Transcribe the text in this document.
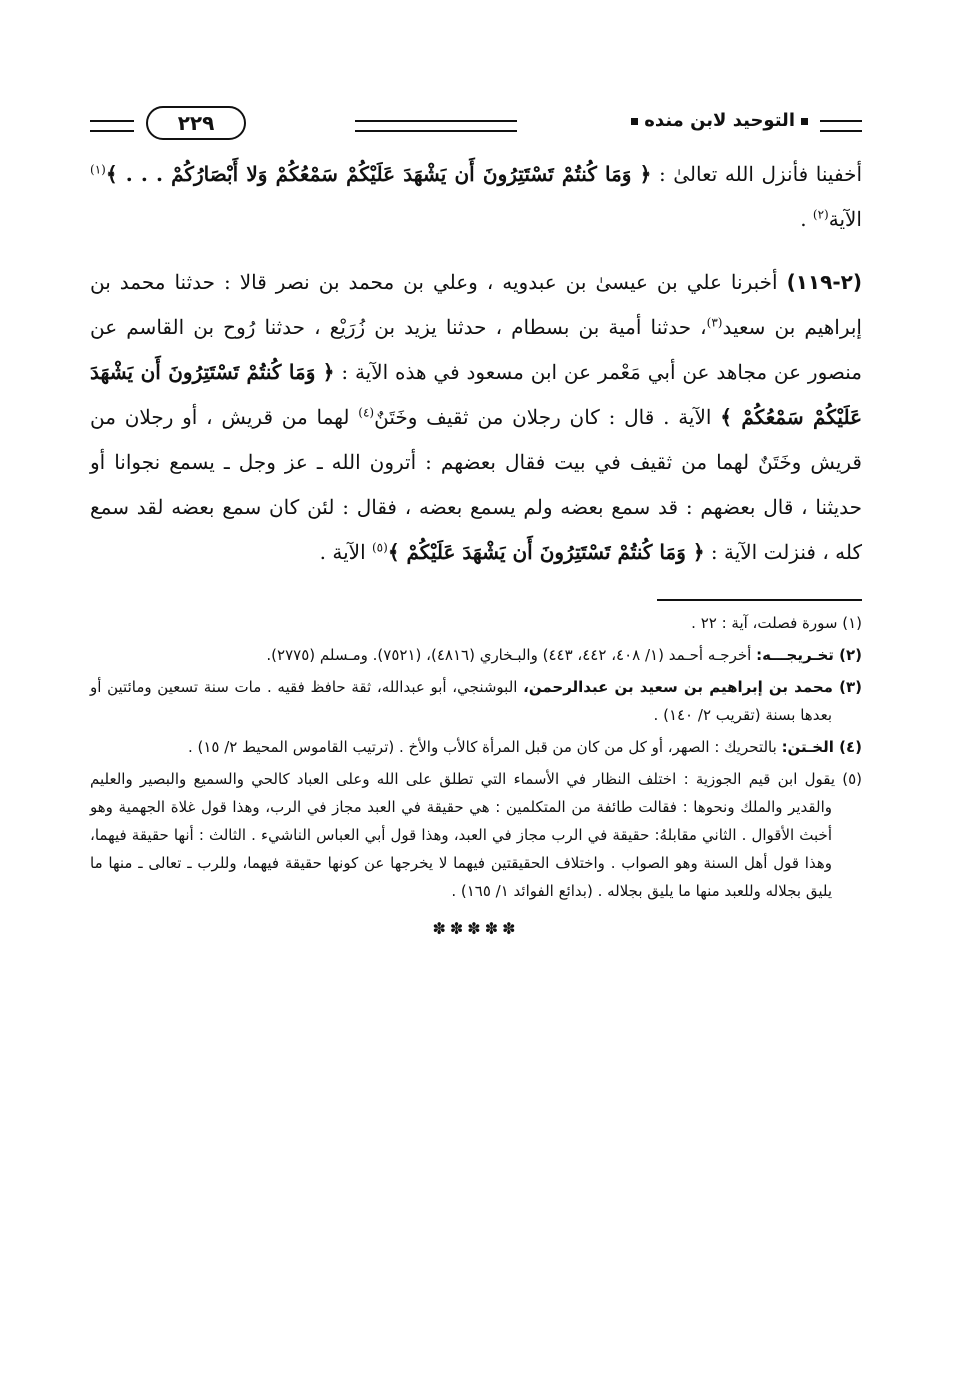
التوحيد لابن منده
٢٢٩

أخفينا فأنزل الله تعالىٰ : ﴿ وَمَا كُنتُمْ تَسْتَتِرُونَ أَن يَشْهَدَ عَلَيْكُمْ سَمْعُكُمْ وَلا أَبْصَارُكُمْ . . . ﴾$^{(١)}$ الآية$^{(٢)}$ .

(٢-١١٩) أخبرنا علي بن عيسىٰ بن عبدويه ، وعلي بن محمد بن نصر قالا : حدثنا محمد بن إبراهيم بن سعيد$^{(٣)}$، حدثنا أمية بن بسطام ، حدثنا يزيد بن زُرَيْع ، حدثنا رُوح بن القاسم عن منصور عن مجاهد عن أبي مَعْمر عن ابن مسعود في هذه الآية : ﴿ وَمَا كُنتُمْ تَسْتَتِرُونَ أَن يَشْهَدَ عَلَيْكُمْ سَمْعُكُمْ ﴾ الآية . قال : كان رجلان من ثقيف وخَتَنٌ$^{(٤)}$ لهما من قريش ، أو رجلان من قريش وخَتَنٌ لهما من ثقيف في بيت فقال بعضهم : أترون الله ـ عز وجل ـ يسمع نجوانا أو حديثنا ، قال بعضهم : قد سمع بعضه ولم يسمع بعضه ، فقال : لئن كان سمع بعضه لقد سمع كله ، فنزلت الآية : ﴿ وَمَا كُنتُمْ تَسْتَتِرُونَ أَن يَشْهَدَ عَلَيْكُمْ ﴾$^{(٥)}$ الآية .

(١) سورة فصلت، آية : ٢٢ .

(٢) تخـريجـــه: أخرجـه أحـمد (١/ ٤٠٨، ٤٤٢، ٤٤٣) والبـخاري (٤٨١٦)، (٧٥٢١). ومـسلم (٢٧٧٥).

(٣) محمد بن إبراهيم بن سعيد بن عبدالرحمن، البوشنجي، أبو عبدالله، ثقة حافظ فقيه . مات سنة تسعين ومائتين أو بعدها بسنة (تقريب ٢/ ١٤٠) .

(٤) الخـتن: بالتحريك : الصهر، أو كل من كان من قبل المرأة كالأب والأخ . (ترتيب القاموس المحيط ٢/ ١٥) .

(٥) يقول ابن قيم الجوزية : اختلف النظار في الأسماء التي تطلق على الله وعلى العباد كالحي والسميع والبصير والعليم والقدير والملك ونحوها : فقالت طائفة من المتكلمين : هي حقيقة في العبد مجاز في الرب، وهذا قول غلاة الجهمية وهو أخبث الأقوال . الثاني مقابلهُ: حقيقة في الرب مجاز في العبد، وهذا قول أبي العباس الناشيء . الثالث : أنها حقيقة فيهما، وهذا قول أهل السنة وهو الصواب . واختلاف الحقيقتين فيهما لا يخرجها عن كونها حقيقة فيهما، وللرب ـ تعالى ـ منها ما يليق بجلاله وللعبد منها ما يليق بجلاله . (بدائع الفوائد ١/ ١٦٥) .

✽✽✽✽✽
